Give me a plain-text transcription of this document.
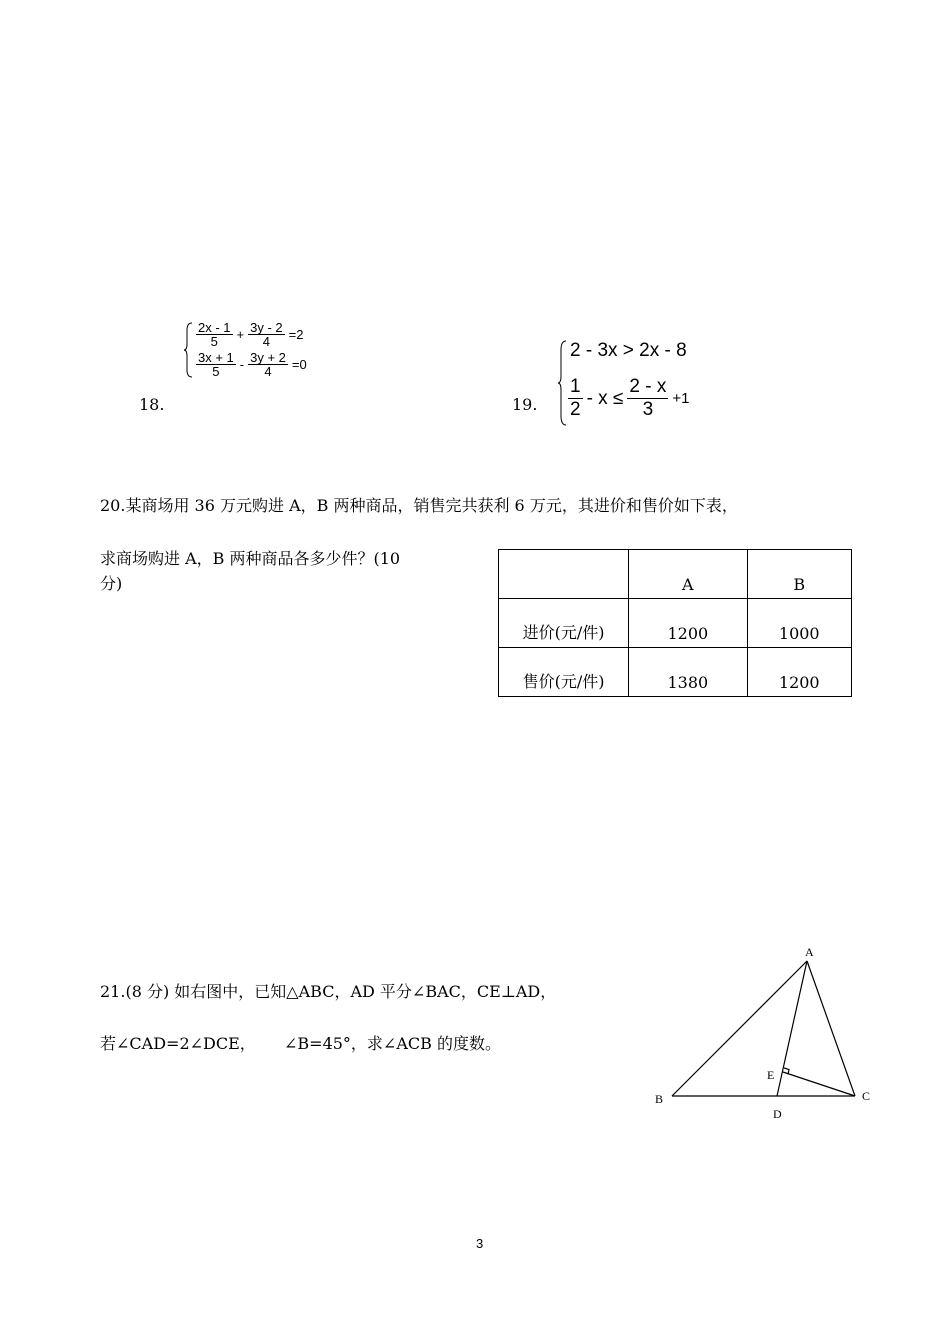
18.
$\frac{2x - 1}{5} + \frac{3y - 2}{4} =2$
$\frac{3x + 1}{5} - \frac{3y + 2}{4} =0$
19.
2 - 3x > 2x - 8
$\frac{1}{2} - x \le \frac{2 - x}{3} +1$
20.某商场用 36 万元购进 A，B 两种商品，销售完共获利 6 万元，其进价和售价如下表，
求商场购进 A，B 两种商品各多少件？(10
分)
		A	B
进价(元/件)	1200	1000
售价(元/件)	1380	1200
21.(8 分) 如右图中，已知△ABC，AD 平分∠BAC，CE⊥AD，
若∠CAD=2∠DCE， ∠B=45°，求∠ACB 的度数。
A
B	C
D
E
3
